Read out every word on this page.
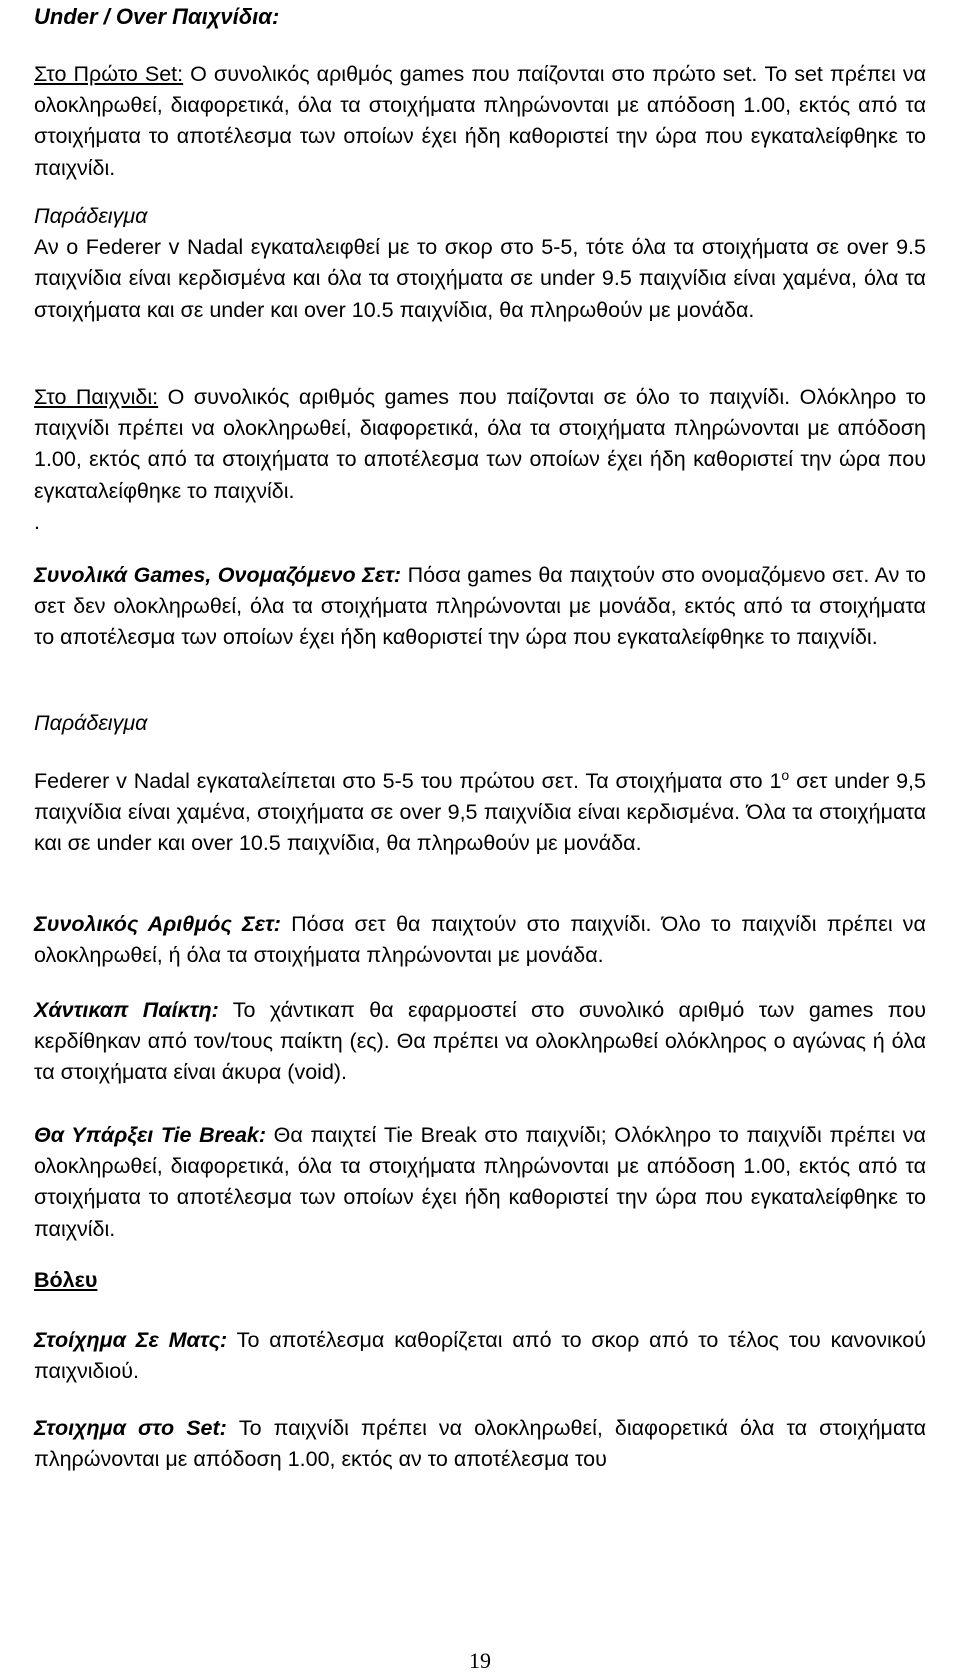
Under / Over Παιχνίδια:

Στο Πρώτο Set: Ο συνολικός αριθμός games που παίζονται στο πρώτο set. Το set πρέπει να ολοκληρωθεί, διαφορετικά, όλα τα στοιχήματα πληρώνονται με απόδοση 1.00, εκτός από τα στοιχήματα το αποτέλεσμα των οποίων έχει ήδη καθοριστεί την ώρα που εγκαταλείφθηκε το παιχνίδι.

Παράδειγμα
Αν ο Federer v Nadal εγκαταλειφθεί με το σκορ στο 5-5, τότε όλα τα στοιχήματα σε over 9.5 παιχνίδια είναι κερδισμένα και όλα τα στοιχήματα σε under 9.5 παιχνίδια είναι χαμένα, όλα τα στοιχήματα και σε under και over 10.5 παιχνίδια, θα πληρωθούν με μονάδα.

Στο Παιχνιδι: Ο συνολικός αριθμός games που παίζονται σε όλο το παιχνίδι. Ολόκληρο το παιχνίδι πρέπει να ολοκληρωθεί, διαφορετικά, όλα τα στοιχήματα πληρώνονται με απόδοση 1.00, εκτός από τα στοιχήματα το αποτέλεσμα των οποίων έχει ήδη καθοριστεί την ώρα που εγκαταλείφθηκε το παιχνίδι.
.

Συνολικά Games, Ονομαζόμενο Σετ: Πόσα games θα παιχτούν στο ονομαζόμενο σετ. Αν το σετ δεν ολοκληρωθεί, όλα τα στοιχήματα πληρώνονται με μονάδα, εκτός από τα στοιχήματα το αποτέλεσμα των οποίων έχει ήδη καθοριστεί την ώρα που εγκαταλείφθηκε το παιχνίδι.

Παράδειγμα

Federer v Nadal εγκαταλείπεται στο 5-5 του πρώτου σετ. Τα στοιχήματα στο $1^o$ σετ under 9,5 παιχνίδια είναι χαμένα, στοιχήματα σε over 9,5 παιχνίδια είναι κερδισμένα. Όλα τα στοιχήματα και σε under και over 10.5 παιχνίδια, θα πληρωθούν με μονάδα.

Συνολικός Αριθμός Σετ: Πόσα σετ θα παιχτούν στο παιχνίδι. Όλο το παιχνίδι πρέπει να ολοκληρωθεί, ή όλα τα στοιχήματα πληρώνονται με μονάδα.

Χάντικαπ Παίκτη: Το χάντικαπ θα εφαρμοστεί στο συνολικό αριθμό των games που κερδίθηκαν από τον/τους παίκτη (ες). Θα πρέπει να ολοκληρωθεί ολόκληρος ο αγώνας ή όλα τα στοιχήματα είναι άκυρα (void).

Θα Υπάρξει Tie Break: Θα παιχτεί Tie Break στο παιχνίδι; Ολόκληρο το παιχνίδι πρέπει να ολοκληρωθεί, διαφορετικά, όλα τα στοιχήματα πληρώνονται με απόδοση 1.00, εκτός από τα στοιχήματα το αποτέλεσμα των οποίων έχει ήδη καθοριστεί την ώρα που εγκαταλείφθηκε το παιχνίδι.

Βόλευ

Στοίχημα Σε Ματς: Το αποτέλεσμα καθορίζεται από το σκορ από το τέλος του κανονικού παιχνιδιού.

Στοιχημα στο Set: Το παιχνίδι πρέπει να ολοκληρωθεί, διαφορετικά όλα τα στοιχήματα πληρώνονται με απόδοση 1.00, εκτός αν το αποτέλεσμα του

19
